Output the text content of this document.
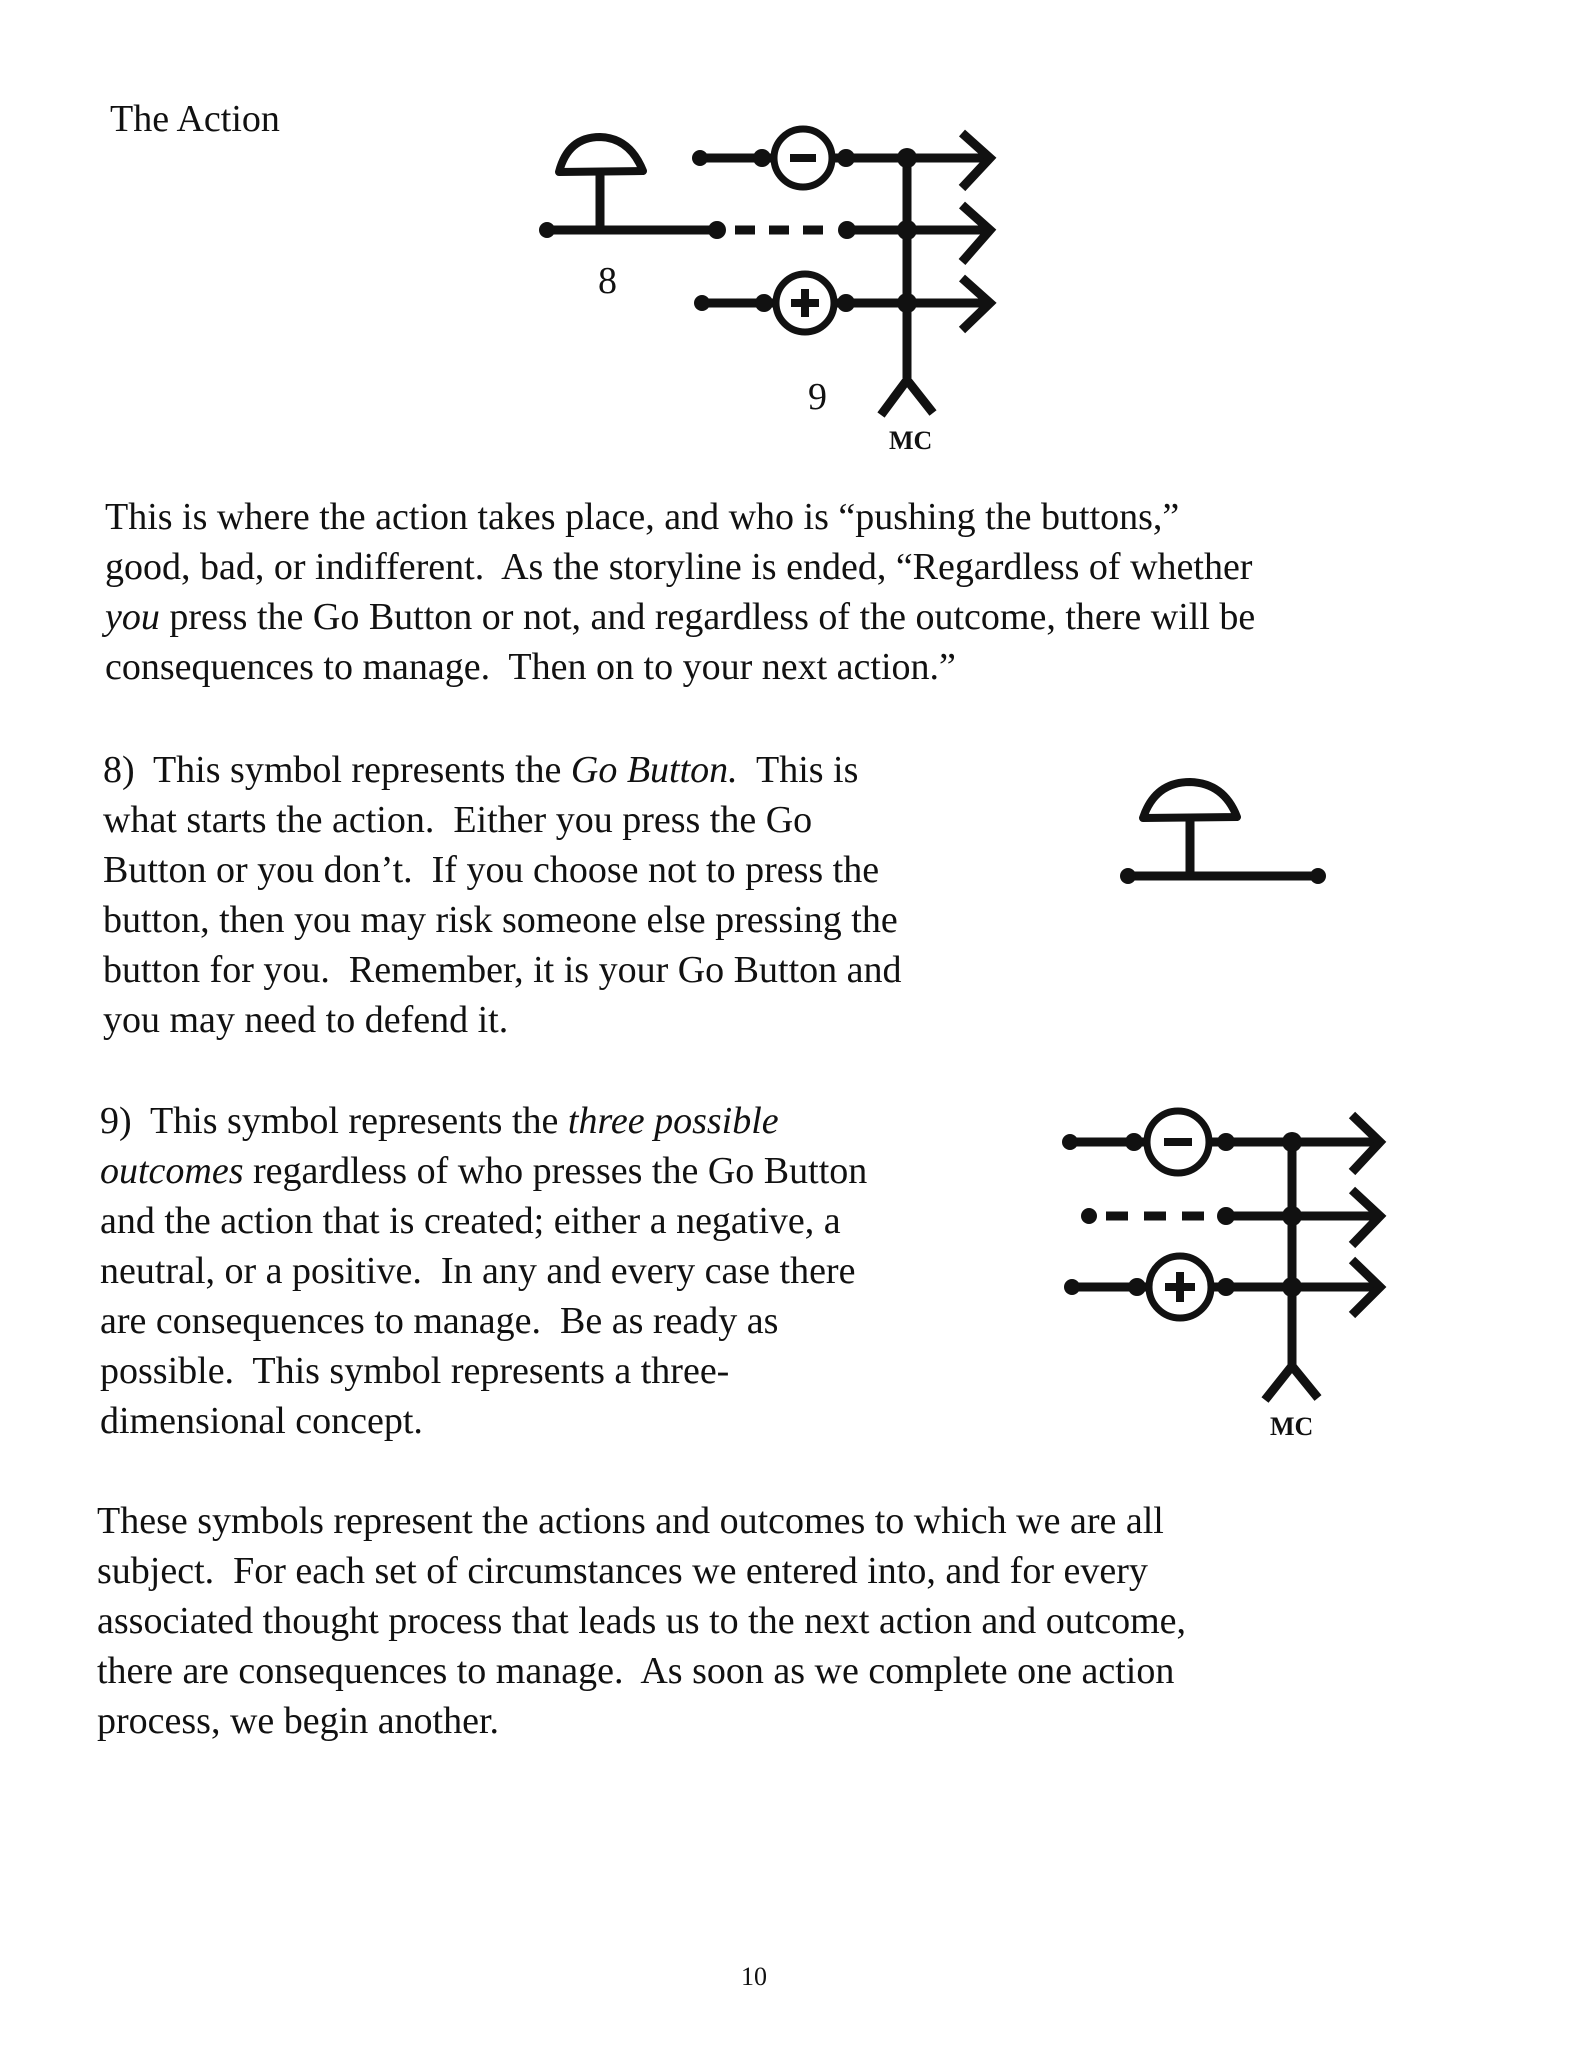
The Action
This is where the action takes place, and who is “pushing the buttons,”
good, bad, or indifferent.  As the storyline is ended, “Regardless of whether
you press the Go Button or not, and regardless of the outcome, there will be
consequences to manage.  Then on to your next action.”
8)  This symbol represents the Go Button.  This is
what starts the action.  Either you press the Go
Button or you don’t.  If you choose not to press the
button, then you may risk someone else pressing the
button for you.  Remember, it is your Go Button and
you may need to defend it.
9)  This symbol represents the three possible
outcomes regardless of who presses the Go Button
and the action that is created; either a negative, a
neutral, or a positive.  In any and every case there
are consequences to manage.  Be as ready as
possible.  This symbol represents a three-
dimensional concept.
These symbols represent the actions and outcomes to which we are all
subject.  For each set of circumstances we entered into, and for every
associated thought process that leads us to the next action and outcome,
there are consequences to manage.  As soon as we complete one action
process, we begin another.
8
9
MC
MC
10
